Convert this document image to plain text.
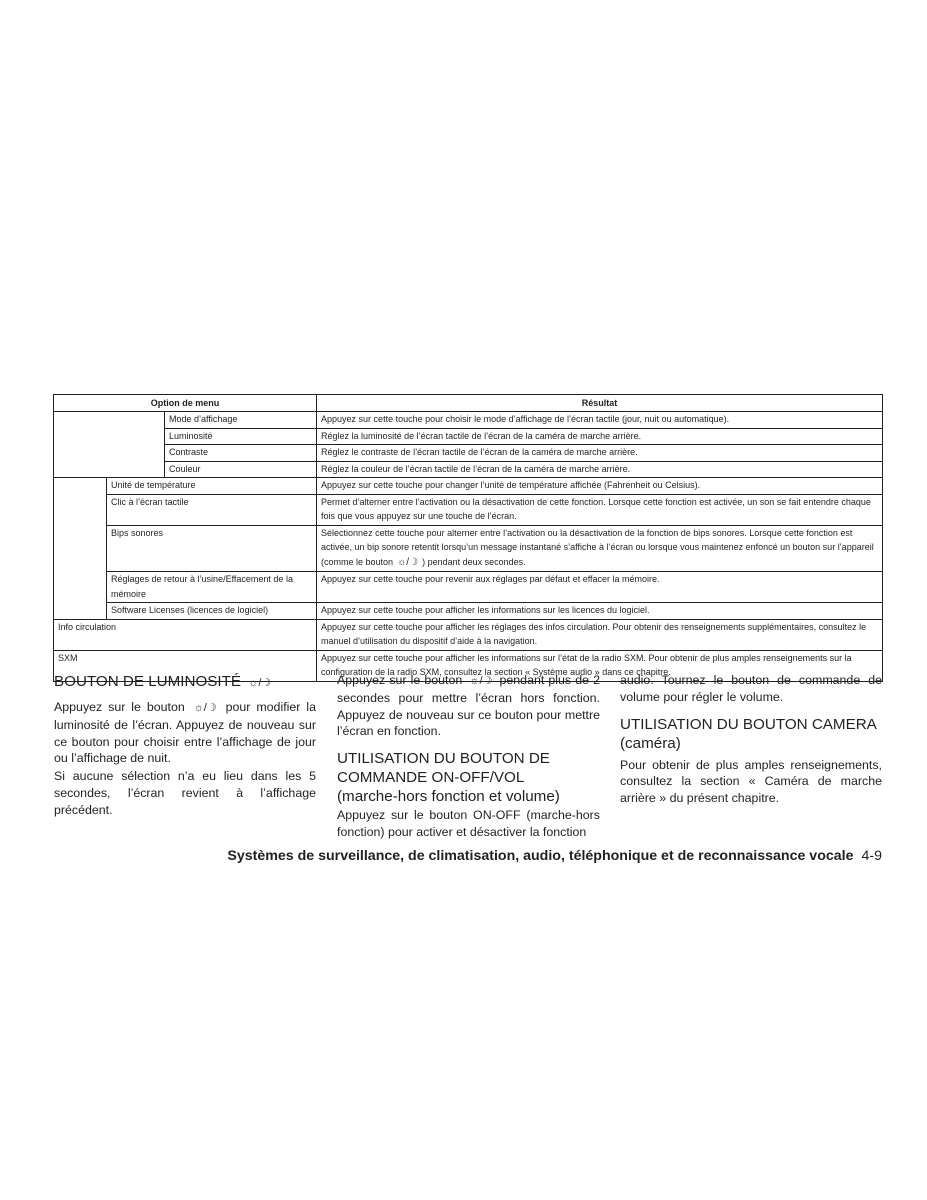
Option de menu			Résultat
		Mode d’affichage	Appuyez sur cette touche pour choisir le mode d’affichage de l’écran tactile (jour, nuit ou automatique).
		Luminosité	Réglez la luminosité de l’écran tactile de l’écran de la caméra de marche arrière.
		Contraste	Réglez le contraste de l’écran tactile de l’écran de la caméra de marche arrière.
		Couleur	Réglez la couleur de l’écran tactile de l’écran de la caméra de marche arrière.
	Unité de température		Appuyez sur cette touche pour changer l’unité de température affichée (Fahrenheit ou Celsius).
	Clic à l’écran tactile		Permet d’alterner entre l’activation ou la désactivation de cette fonction. Lorsque cette fonction est activée, un son se fait entendre chaque fois que vous appuyez sur une touche de l’écran.
	Bips sonores		Sélectionnez cette touche pour alterner entre l’activation ou la désactivation de la fonction de bips sonores. Lorsque cette fonction est activée, un bip sonore retentit lorsqu’un message instantané s’affiche à l’écran ou lorsque vous maintenez enfoncé un bouton sur l’appareil (comme le bouton ☼/☽ ) pendant deux secondes.
	Réglages de retour à l’usine/Effacement de la mémoire		Appuyez sur cette touche pour revenir aux réglages par défaut et effacer la mémoire.
	Software Licenses (licences de logiciel)		Appuyez sur cette touche pour afficher les informations sur les licences du logiciel.
Info circulation			Appuyez sur cette touche pour afficher les réglages des infos circulation. Pour obtenir des renseignements supplémentaires, consultez le manuel d’utilisation du dispositif d’aide à la navigation.
SXM			Appuyez sur cette touche pour afficher les informations sur l’état de la radio SXM. Pour obtenir de plus amples renseignements sur la configuration de la radio SXM, consultez la section « Système audio » dans ce chapitre.
BOUTON DE LUMINOSITÉ ☼/☽

Appuyez sur le bouton ☼/☽ pour modifier la luminosité de l’écran. Appuyez de nouveau sur ce bouton pour choisir entre l’affichage de jour ou l’affichage de nuit.

Si aucune sélection n’a eu lieu dans les 5 secondes, l’écran revient à l’affichage précédent.

Appuyez sur le bouton ☼/☽ pendant plus de 2 secondes pour mettre l’écran hors fonction. Appuyez de nouveau sur ce bouton pour mettre l’écran en fonction.

UTILISATION DU BOUTON DE COMMANDE ON-OFF/VOL

(marche-hors fonction et volume)

Appuyez sur le bouton ON-OFF (marche-hors fonction) pour activer et désactiver la fonction

audio. Tournez le bouton de commande de volume pour régler le volume.

UTILISATION DU BOUTON CAMERA (caméra)

Pour obtenir de plus amples renseignements, consultez la section « Caméra de marche arrière » du présent chapitre.

Systèmes de surveillance, de climatisation, audio, téléphonique et de reconnaissance vocale 4-9
